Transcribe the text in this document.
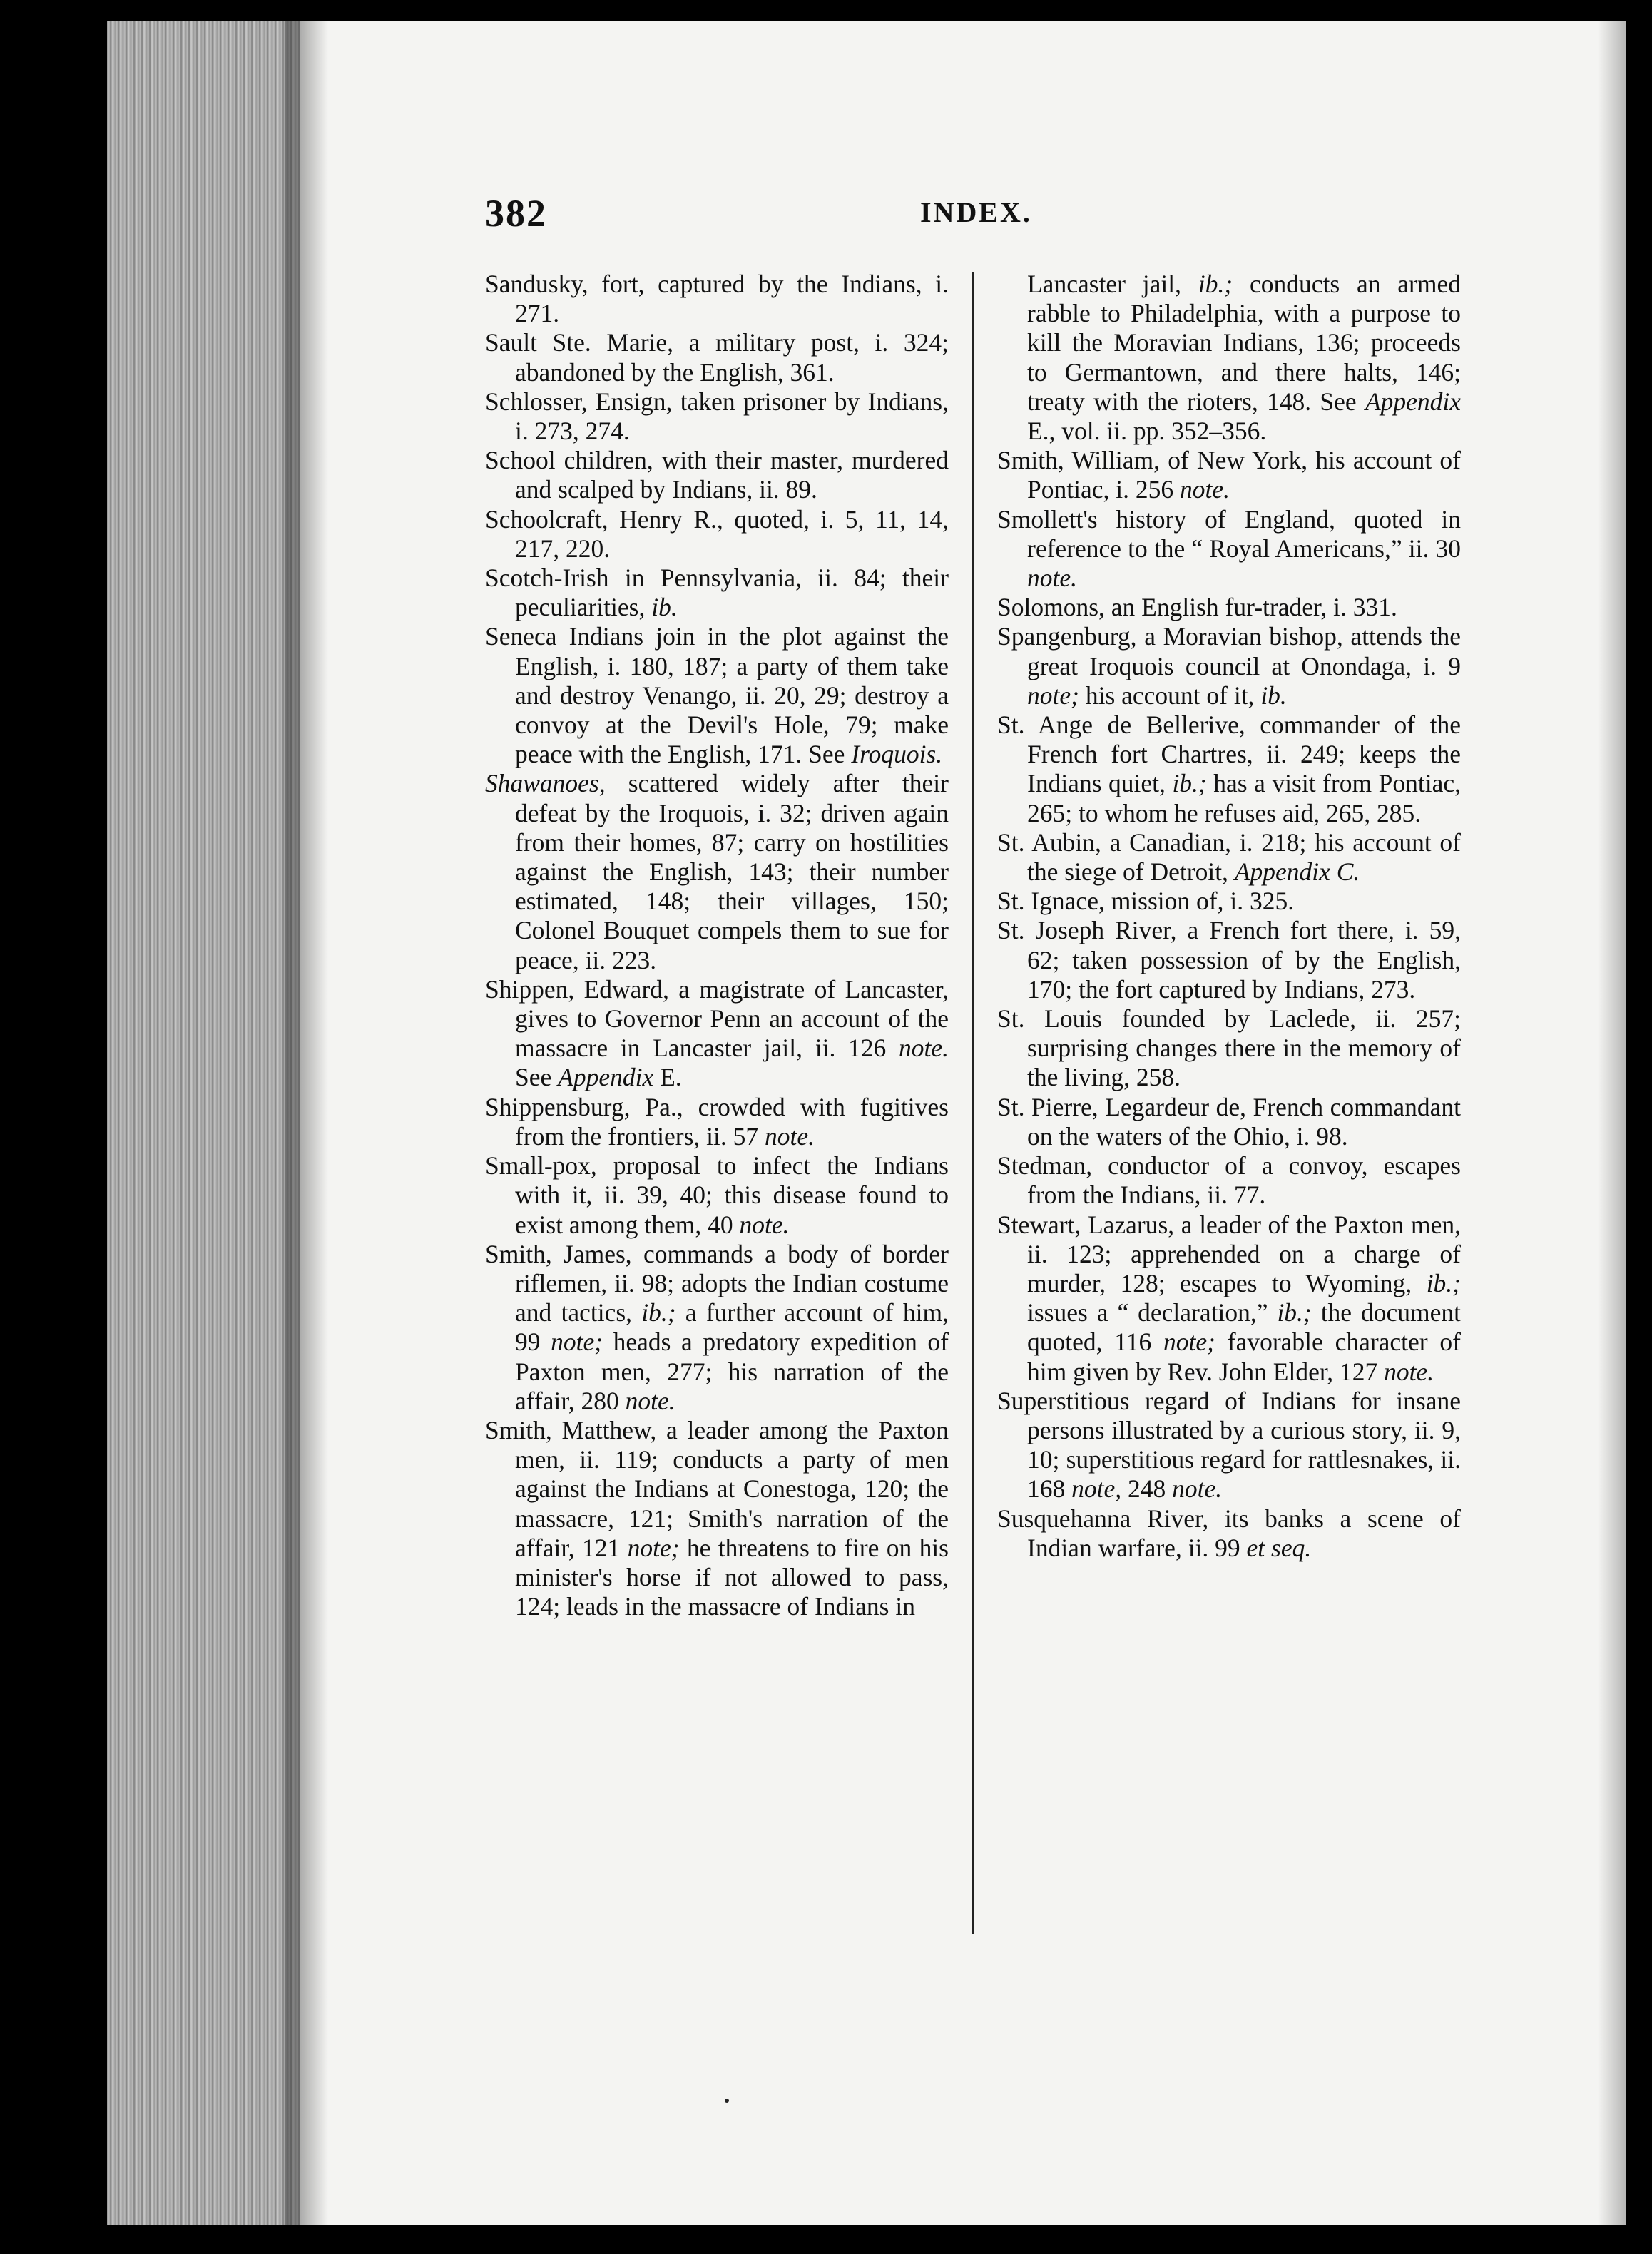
382	INDEX.

Sandusky, fort, captured by the Indians, i. 271.

Sault Ste. Marie, a military post, i. 324; abandoned by the English, 361.

Schlosser, Ensign, taken prisoner by Indians, i. 273, 274.

School children, with their master, murdered and scalped by Indians, ii. 89.

Schoolcraft, Henry R., quoted, i. 5, 11, 14, 217, 220.

Scotch-Irish in Pennsylvania, ii. 84; their peculiarities, ib.

Seneca Indians join in the plot against the English, i. 180, 187; a party of them take and destroy Venango, ii. 20, 29; destroy a convoy at the Devil's Hole, 79; make peace with the English, 171. See Iroquois.

Shawanoes, scattered widely after their defeat by the Iroquois, i. 32; driven again from their homes, 87; carry on hostilities against the English, 143; their number estimated, 148; their villages, 150; Colonel Bouquet compels them to sue for peace, ii. 223.

Shippen, Edward, a magistrate of Lancaster, gives to Governor Penn an account of the massacre in Lancaster jail, ii. 126 note. See Appendix E.

Shippensburg, Pa., crowded with fugitives from the frontiers, ii. 57 note.

Small-pox, proposal to infect the Indians with it, ii. 39, 40; this disease found to exist among them, 40 note.

Smith, James, commands a body of border riflemen, ii. 98; adopts the Indian costume and tactics, ib.; a further account of him, 99 note; heads a predatory expedition of Paxton men, 277; his narration of the affair, 280 note.

Smith, Matthew, a leader among the Paxton men, ii. 119; conducts a party of men against the Indians at Conestoga, 120; the massacre, 121; Smith's narration of the affair, 121 note; he threatens to fire on his minister's horse if not allowed to pass, 124; leads in the massacre of Indians in

Lancaster jail, ib.; conducts an armed rabble to Philadelphia, with a purpose to kill the Moravian Indians, 136; proceeds to Germantown, and there halts, 146; treaty with the rioters, 148. See Appendix E., vol. ii. pp. 352–356.

Smith, William, of New York, his account of Pontiac, i. 256 note.

Smollett's history of England, quoted in reference to the “ Royal Americans,” ii. 30 note.

Solomons, an English fur-trader, i. 331.

Spangenburg, a Moravian bishop, attends the great Iroquois council at Onondaga, i. 9 note; his account of it, ib.

St. Ange de Bellerive, commander of the French fort Chartres, ii. 249; keeps the Indians quiet, ib.; has a visit from Pontiac, 265; to whom he refuses aid, 265, 285.

St. Aubin, a Canadian, i. 218; his account of the siege of Detroit, Appendix C.

St. Ignace, mission of, i. 325.

St. Joseph River, a French fort there, i. 59, 62; taken possession of by the English, 170; the fort captured by Indians, 273.

St. Louis founded by Laclede, ii. 257; surprising changes there in the memory of the living, 258.

St. Pierre, Legardeur de, French commandant on the waters of the Ohio, i. 98.

Stedman, conductor of a convoy, escapes from the Indians, ii. 77.

Stewart, Lazarus, a leader of the Paxton men, ii. 123; apprehended on a charge of murder, 128; escapes to Wyoming, ib.; issues a “ declaration,” ib.; the document quoted, 116 note; favorable character of him given by Rev. John Elder, 127 note.

Superstitious regard of Indians for insane persons illustrated by a curious story, ii. 9, 10; superstitious regard for rattlesnakes, ii. 168 note, 248 note.

Susquehanna River, its banks a scene of Indian warfare, ii. 99 et seq.
